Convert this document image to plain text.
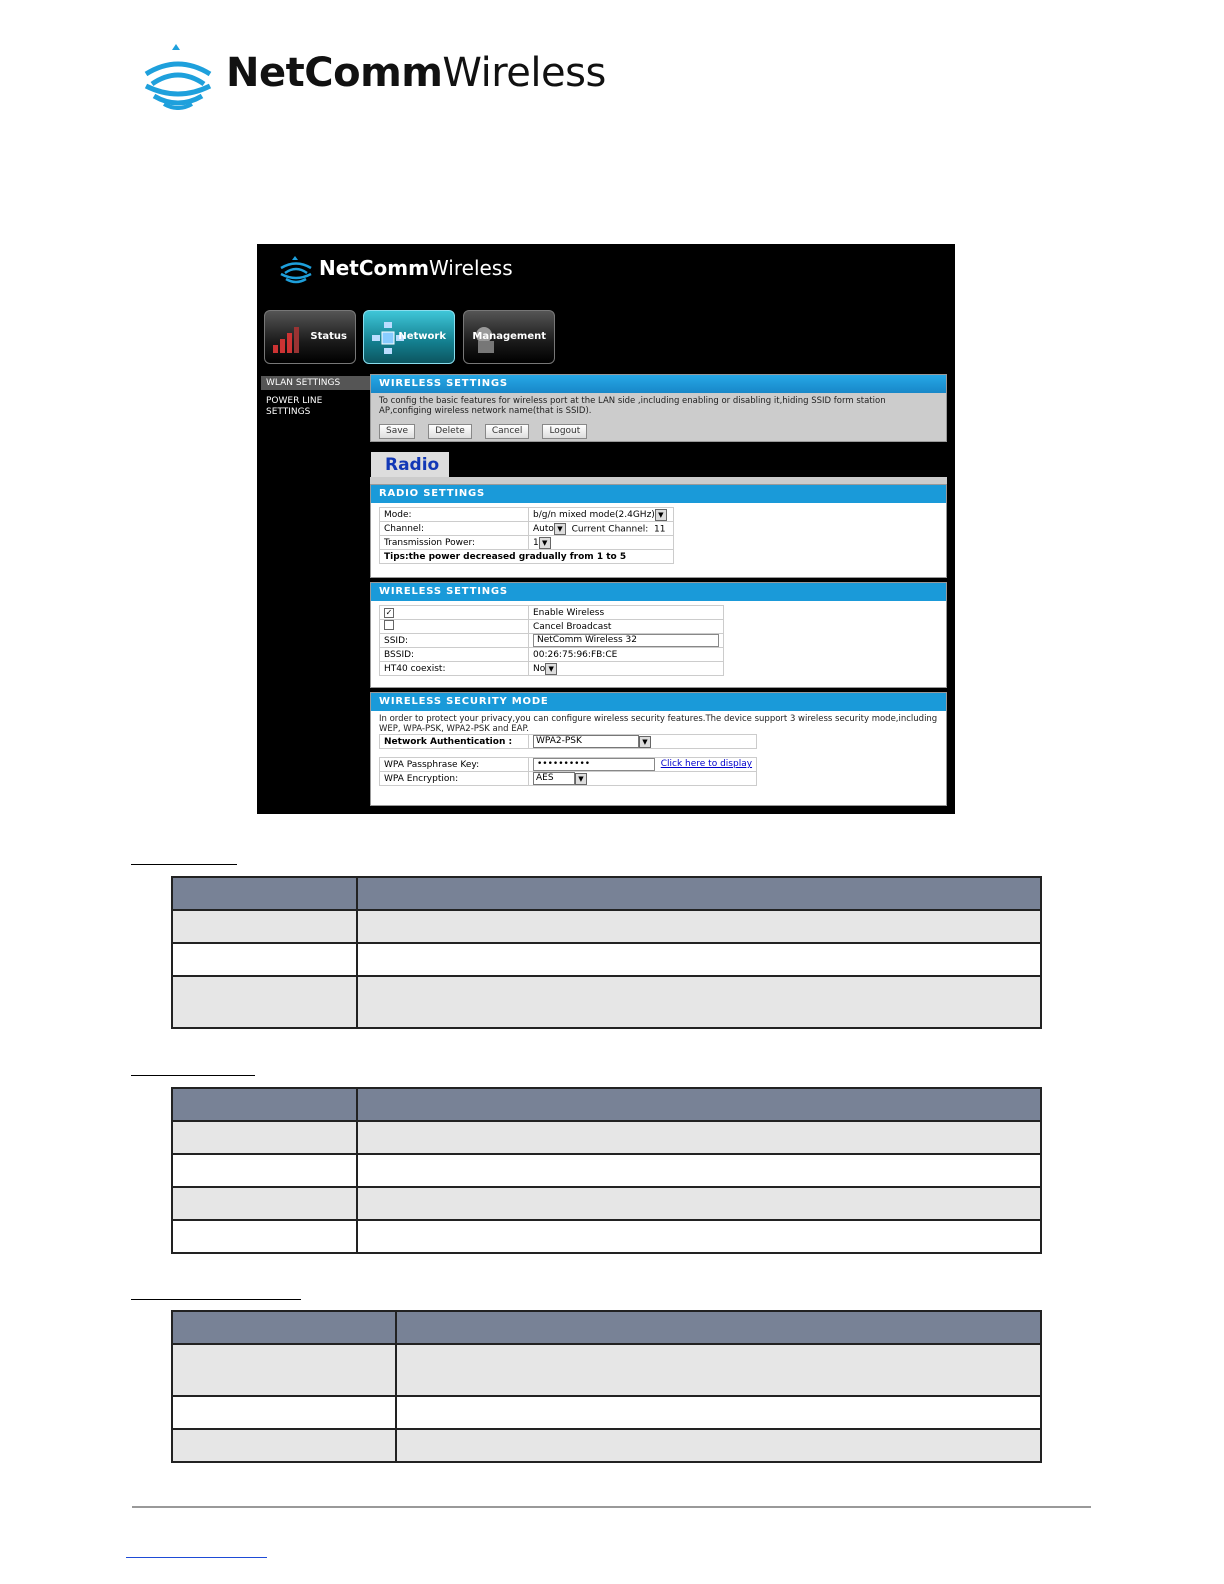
NetCommWireless
NetCommWireless
Status	Network	Management
WLAN SETTINGS
POWER LINE SETTINGS
WIRELESS SETTINGS
To config the basic features for wireless port at the LAN side ,including enabling or disabling it,hiding SSID form station AP,configing wireless network name(that is SSID).
Save	Delete	Cancel	Logout
Radio
RADIO SETTINGS
Mode:	b/g/n mixed mode(2.4GHz) ▼
Channel:	Auto ▼ Current Channel: 11
Transmission Power:	1 ▼
Tips:the power decreased gradually from 1 to 5	
WIRELESS SETTINGS
✓	Enable Wireless
	Cancel Broadcast
SSID:	NetComm Wireless 32
BSSID:	00:26:75:96:FB:CE
HT40 coexist:	No ▼
WIRELESS SECURITY MODE
In order to protect your privacy,you can configure wireless security features.The device support 3 wireless security mode,including WEP, WPA-PSK, WPA2-PSK and EAP.
Network Authentication :	WPA2-PSK ▼

WPA Passphrase Key:	•••••••••• Click here to display
WPA Encryption:	AES ▼
